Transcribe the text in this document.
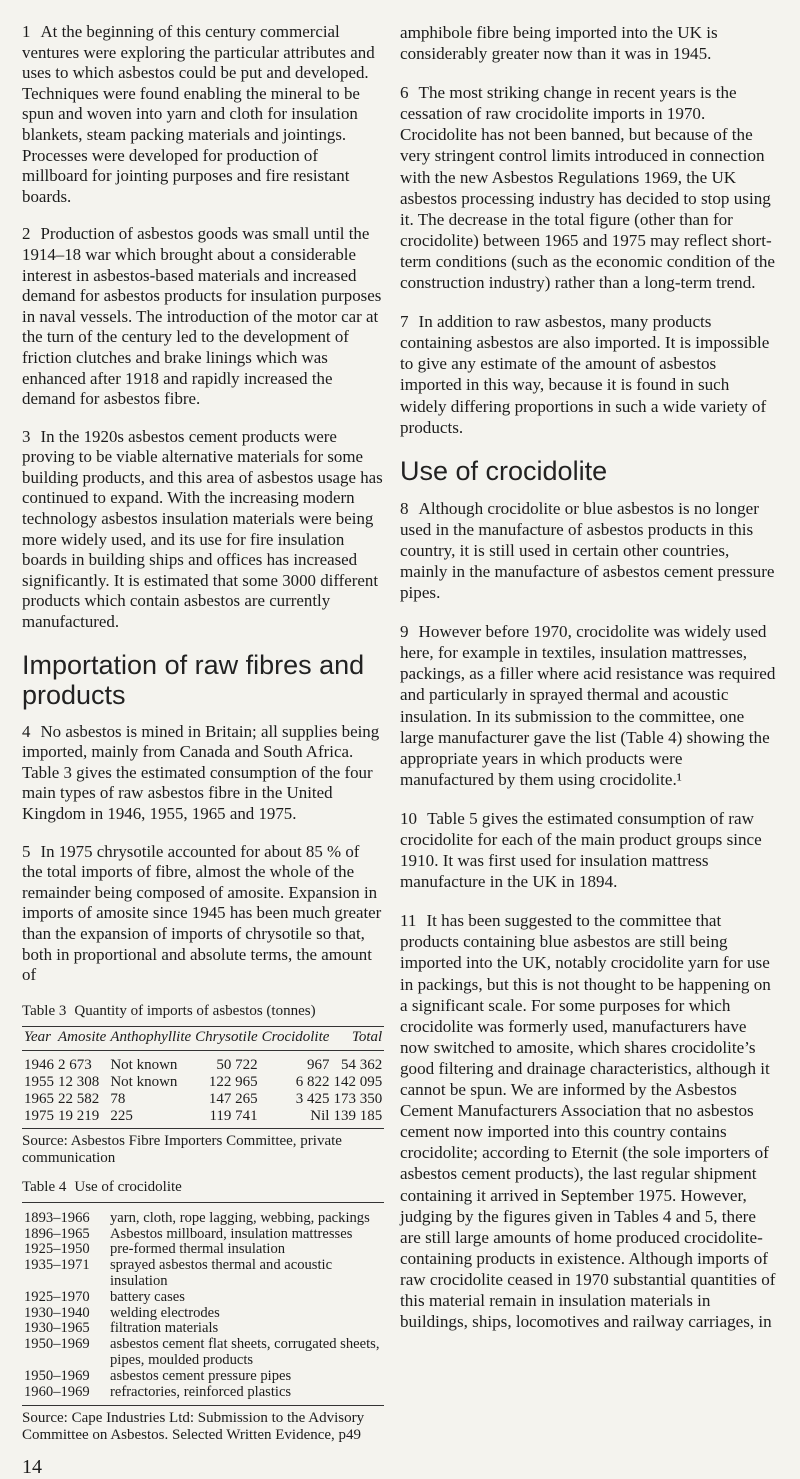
1 At the beginning of this century commercial ventures were exploring the particular attributes and uses to which asbestos could be put and developed. Techniques were found enabling the mineral to be spun and woven into yarn and cloth for insulation blankets, steam packing materials and jointings. Processes were developed for production of millboard for jointing purposes and fire resistant boards.

2 Production of asbestos goods was small until the 1914–18 war which brought about a considerable interest in asbestos-based materials and increased demand for asbestos products for insulation purposes in naval vessels. The introduction of the motor car at the turn of the century led to the development of friction clutches and brake linings which was enhanced after 1918 and rapidly increased the demand for asbestos fibre.

3 In the 1920s asbestos cement products were proving to be viable alternative materials for some building products, and this area of asbestos usage has continued to expand. With the increasing modern technology asbestos insulation materials were being more widely used, and its use for fire insulation boards in building ships and offices has increased significantly. It is estimated that some 3000 different products which contain asbestos are currently manufactured.

Importation of raw fibres and products

4 No asbestos is mined in Britain; all supplies being imported, mainly from Canada and South Africa. Table 3 gives the estimated consumption of the four main types of raw asbestos fibre in the United Kingdom in 1946, 1955, 1965 and 1975.

5 In 1975 chrysotile accounted for about 85 % of the total imports of fibre, almost the whole of the remainder being composed of amosite. Expansion in imports of amosite since 1945 has been much greater than the expansion of imports of chrysotile so that, both in proportional and absolute terms, the amount of

Table 3 Quantity of imports of asbestos (tonnes)
Year	Amosite	Anthophyllite	Chrysotile	Crocidolite	Total
1946	2 673	Not known	50 722	967	54 362
1955	12 308	Not known	122 965	6 822	142 095
1965	22 582	78	147 265	3 425	173 350
1975	19 219	225	119 741	Nil	139 185
Source: Asbestos Fibre Importers Committee, private communication
Table 4 Use of crocidolite
1893–1966	yarn, cloth, rope lagging, webbing, packings
1896–1965	Asbestos millboard, insulation mattresses
1925–1950	pre-formed thermal insulation
1935–1971	sprayed asbestos thermal and acoustic insulation
1925–1970	battery cases
1930–1940	welding electrodes
1930–1965	filtration materials
1950–1969	asbestos cement flat sheets, corrugated sheets, pipes, moulded products
1950–1969	asbestos cement pressure pipes
1960–1969	refractories, reinforced plastics
Source: Cape Industries Ltd: Submission to the Advisory Committee on Asbestos. Selected Written Evidence, p49
14

amphibole fibre being imported into the UK is considerably greater now than it was in 1945.

6 The most striking change in recent years is the cessation of raw crocidolite imports in 1970. Crocidolite has not been banned, but because of the very stringent control limits introduced in connection with the new Asbestos Regulations 1969, the UK asbestos processing industry has decided to stop using it. The decrease in the total figure (other than for crocidolite) between 1965 and 1975 may reflect short-term conditions (such as the economic condition of the construction industry) rather than a long-term trend.

7 In addition to raw asbestos, many products containing asbestos are also imported. It is impossible to give any estimate of the amount of asbestos imported in this way, because it is found in such widely differing proportions in such a wide variety of products.

Use of crocidolite

8 Although crocidolite or blue asbestos is no longer used in the manufacture of asbestos products in this country, it is still used in certain other countries, mainly in the manufacture of asbestos cement pressure pipes.

9 However before 1970, crocidolite was widely used here, for example in textiles, insulation mattresses, packings, as a filler where acid resistance was required and particularly in sprayed thermal and acoustic insulation. In its submission to the committee, one large manufacturer gave the list (Table 4) showing the appropriate years in which products were manufactured by them using crocidolite.¹

10 Table 5 gives the estimated consumption of raw crocidolite for each of the main product groups since 1910. It was first used for insulation mattress manufacture in the UK in 1894.

11 It has been suggested to the committee that products containing blue asbestos are still being imported into the UK, notably crocidolite yarn for use in packings, but this is not thought to be happening on a significant scale. For some purposes for which crocidolite was formerly used, manufacturers have now switched to amosite, which shares crocidolite’s good filtering and drainage characteristics, although it cannot be spun. We are informed by the Asbestos Cement Manufacturers Association that no asbestos cement now imported into this country contains crocidolite; according to Eternit (the sole importers of asbestos cement products), the last regular shipment containing it arrived in September 1975. However, judging by the figures given in Tables 4 and 5, there are still large amounts of home produced crocidolite-containing products in existence. Although imports of raw crocidolite ceased in 1970 substantial quantities of this material remain in insulation materials in buildings, ships, locomotives and railway carriages, in
